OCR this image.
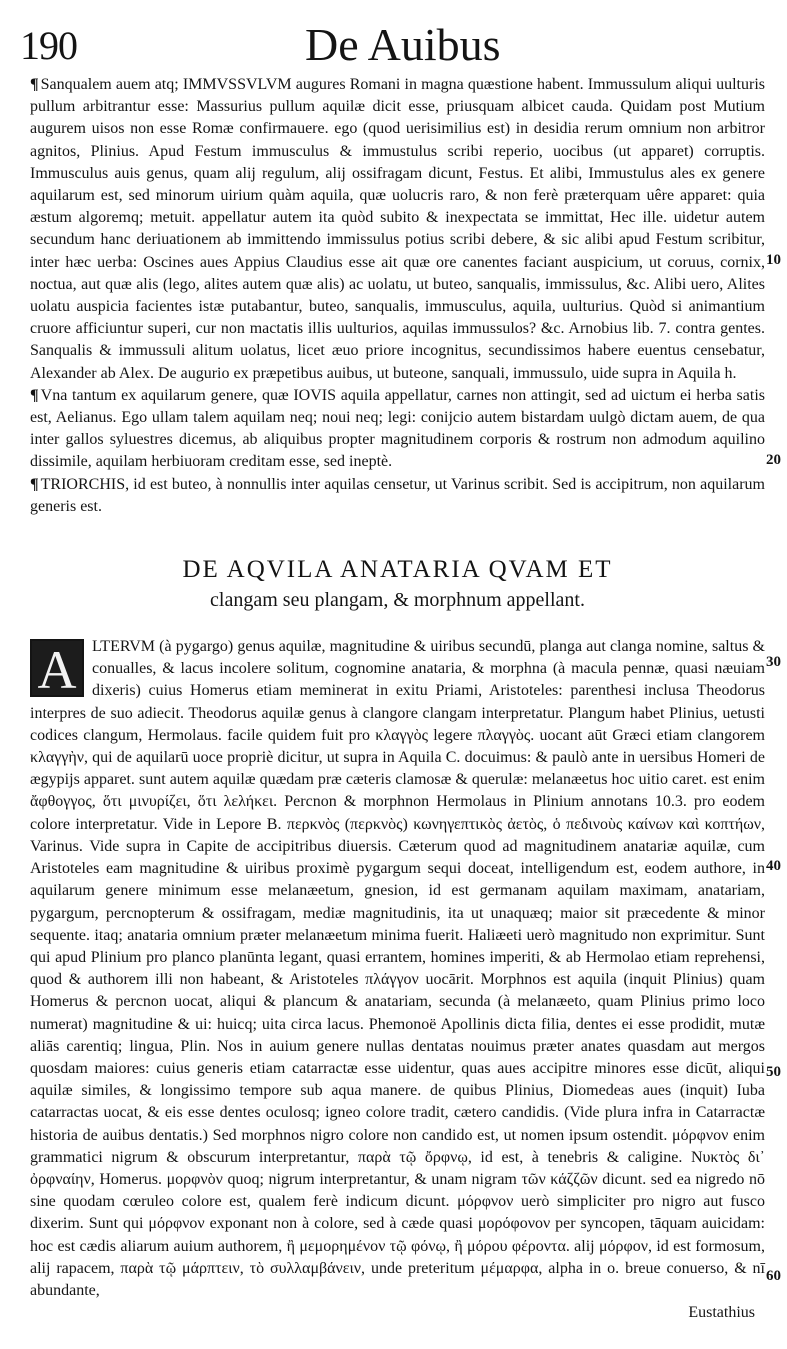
190	De Auibus

¶ Sanqualem auem atq; IMMVSSVLVM augures Romani in magna quæstione habent. Immussulum aliqui uulturis pullum arbitrantur esse: Massurius pullum aquilæ dicit esse, priusquam albicet cauda. Quidam post Mutium augurem uisos non esse Romæ confirmauere. ego (quod uerisimilius est) in desidia rerum omnium non arbitror agnitos, Plinius. Apud Festum immusculus & immustulus scribi reperio, uocibus (ut apparet) corruptis. Immusculus auis genus, quam alij regulum, alij ossifragam dicunt, Festus. Et alibi, Immustulus ales ex genere aquilarum est, sed minorum uirium quàm aquila, quæ uolucris raro, & non ferè præterquam uêre apparet: quia æstum algoremq; metuit. appellatur autem ita quòd subito & inexpectata se immittat, Hec ille. uidetur autem secundum hanc deriuationem ab immittendo immissulus potius scribi debere, & sic alibi apud Festum scribitur, inter hæc uerba: Oscines aues Appius Claudius esse ait quæ ore canentes faciant auspicium, ut coruus, cornix, noctua, aut quæ alis (lego, alites autem quæ alis) ac uolatu, ut buteo, sanqualis, immissulus, &c. Alibi uero, Alites uolatu auspicia facientes istæ putabantur, buteo, sanqualis, immusculus, aquila, uulturius. Quòd si animantium cruore afficiuntur superi, cur non mactatis illis uulturios, aquilas immussulos? &c. Arnobius lib. 7. contra gentes. Sanqualis & immussuli alitum uolatus, licet æuo priore incognitus, secundissimos habere euentus censebatur, Alexander ab Alex. De augurio ex præpetibus auibus, ut buteone, sanquali, immussulo, uide supra in Aquila h.

¶ Vna tantum ex aquilarum genere, quæ IOVIS aquila appellatur, carnes non attingit, sed ad uictum ei herba satis est, Aelianus. Ego ullam talem aquilam neq; noui neq; legi: conijcio autem bistardam uulgò dictam auem, de qua inter gallos syluestres dicemus, ab aliquibus propter magnitudinem corporis & rostrum non admodum aquilino dissimile, aquilam herbiuoram creditam esse, sed ineptè.

¶ TRIORCHIS, id est buteo, à nonnullis inter aquilas censetur, ut Varinus scribit. Sed is accipitrum, non aquilarum generis est.

DE AQVILA ANATARIA QVAM ET
clangam seu plangam, & morphnum appellant.
A LTERVM (à pygargo) genus aquilæ, magnitudine & uiribus secundū, planga aut clanga nomine, saltus & conualles, & lacus incolere solitum, cognomine anataria, & morphna (à macula pennæ, quasi næuiam dixeris) cuius Homerus etiam meminerat in exitu Priami, Aristoteles: parenthesi inclusa Theodorus interpres de suo adiecit. Theodorus aquilæ genus à clangore clangam interpretatur. Plangum habet Plinius, uetusti codices clangum, Hermolaus. facile quidem fuit pro κλαγγὸς legere πλαγγὸς. uocant aūt Græci etiam clangorem κλαγγὴν, qui de aquilarū uoce propriè dicitur, ut supra in Aquila C. docuimus: & paulò ante in uersibus Homeri de ægypijs apparet. sunt autem aquilæ quædam præ cæteris clamosæ & querulæ: melanæetus hoc uitio caret. est enim ἄφθογγος, ὅτι μινυρίζει, ὅτι λελήκει. Percnon & morphnon Hermolaus in Plinium annotans 10.3. pro eodem colore interpretatur. Vide in Lepore B. περκνὸς (περκνὸς) κωνηγεπτικὸς ἀετὸς, ὁ πεδινοὺς καίνων καὶ κοπτήων, Varinus. Vide supra in Capite de accipitribus diuersis. Cæterum quod ad magnitudinem anatariæ aquilæ, cum Aristoteles eam magnitudine & uiribus proximè pygargum sequi doceat, intelligendum est, eodem authore, in aquilarum genere minimum esse melanæetum, gnesion, id est germanam aquilam maximam, anatariam, pygargum, percnopterum & ossifragam, mediæ magnitudinis, ita ut unaquæq; maior sit præcedente & minor sequente. itaq; anataria omnium præter melanæetum minima fuerit. Haliæeti uerò magnitudo non exprimitur. Sunt qui apud Plinium pro planco planūnta legant, quasi errantem, homines imperiti, & ab Hermolao etiam reprehensi, quod & authorem illi non habeant, & Aristoteles πλάγγον uocārit. Morphnos est aquila (inquit Plinius) quam Homerus & percnon uocat, aliqui & plancum & anatariam, secunda (à melanæeto, quam Plinius primo loco numerat) magnitudine & ui: huicq; uita circa lacus. Phemonoë Apollinis dicta filia, dentes ei esse prodidit, mutæ aliās carentiq; lingua, Plin. Nos in auium genere nullas dentatas nouimus præter anates quasdam aut mergos quosdam maiores: cuius generis etiam catarractæ esse uidentur, quas aues accipitre minores esse dicūt, aliqui aquilæ similes, & longissimo tempore sub aqua manere. de quibus Plinius, Diomedeas aues (inquit) Iuba catarractas uocat, & eis esse dentes oculosq; igneo colore tradit, cætero candidis. (Vide plura infra in Catarractæ historia de auibus dentatis.) Sed morphnos nigro colore non candido est, ut nomen ipsum ostendit. μόρφνον enim grammatici nigrum & obscurum interpretantur, παρὰ τῷ ὄρφνῳ, id est, à tenebris & caligine. Νυκτὸς δι᾽ ὀρφναίην, Homerus. μορφνὸν quoq; nigrum interpretantur, & unam nigram τῶν κάζζῶν dicunt. sed ea nigredo nō sine quodam cœruleo colore est, qualem ferè indicum dicunt. μόρφνον uerò simpliciter pro nigro aut fusco dixerim. Sunt qui μόρφνον exponant non à colore, sed à cæde quasi μορόφονον per syncopen, tāquam auicidam: hoc est cædis aliarum auium authorem, ἢ μεμορημένον τῷ φόνῳ, ἢ μόρου φέροντα. alij μόρφον, id est formosum, alij rapacem, παρὰ τῷ μάρπτειν, τὸ συλλαμβάνειν, unde preteritum μέμαρφα, alpha in o. breue conuerso, & nī abundante,

Eustathius
10
20
30
40
50
60
